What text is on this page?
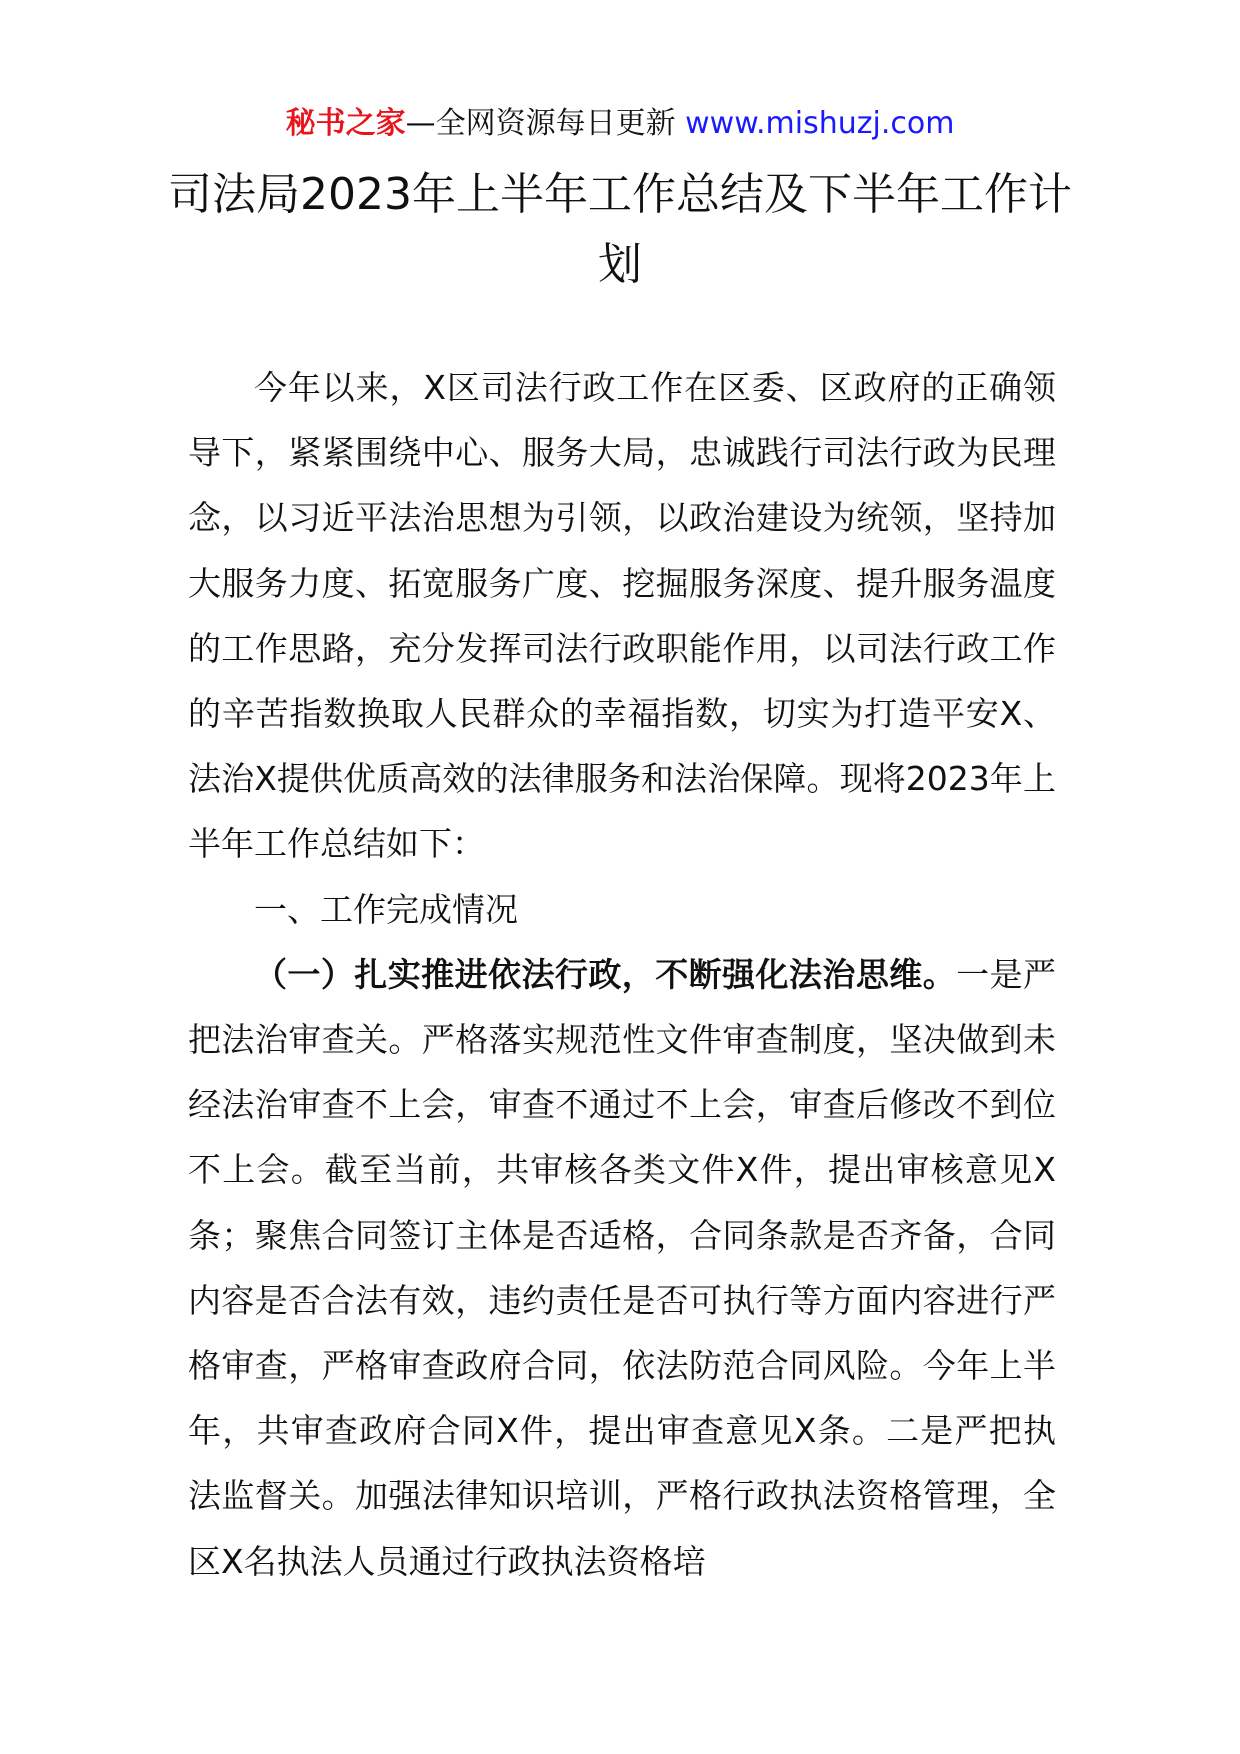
秘书之家—全网资源每日更新 www.mishuzj.com
司法局2023年上半年工作总结及下半年工作计划

今年以来，X区司法行政工作在区委、区政府的正确领导下，紧紧围绕中心、服务大局，忠诚践行司法行政为民理念，以习近平法治思想为引领，以政治建设为统领，坚持加大服务力度、拓宽服务广度、挖掘服务深度、提升服务温度的工作思路，充分发挥司法行政职能作用，以司法行政工作的辛苦指数换取人民群众的幸福指数，切实为打造平安X、法治X提供优质高效的法律服务和法治保障。现将2023年上半年工作总结如下：

一、工作完成情况

（一）扎实推进依法行政，不断强化法治思维。一是严把法治审查关。严格落实规范性文件审查制度，坚决做到未经法治审查不上会，审查不通过不上会，审查后修改不到位不上会。截至当前，共审核各类文件X件，提出审核意见X条；聚焦合同签订主体是否适格，合同条款是否齐备，合同内容是否合法有效，违约责任是否可执行等方面内容进行严格审查，严格审查政府合同，依法防范合同风险。今年上半年，共审查政府合同X件，提出审查意见X条。二是严把执法监督关。加强法律知识培训，严格行政执法资格管理，全区X名执法人员通过行政执法资格培
